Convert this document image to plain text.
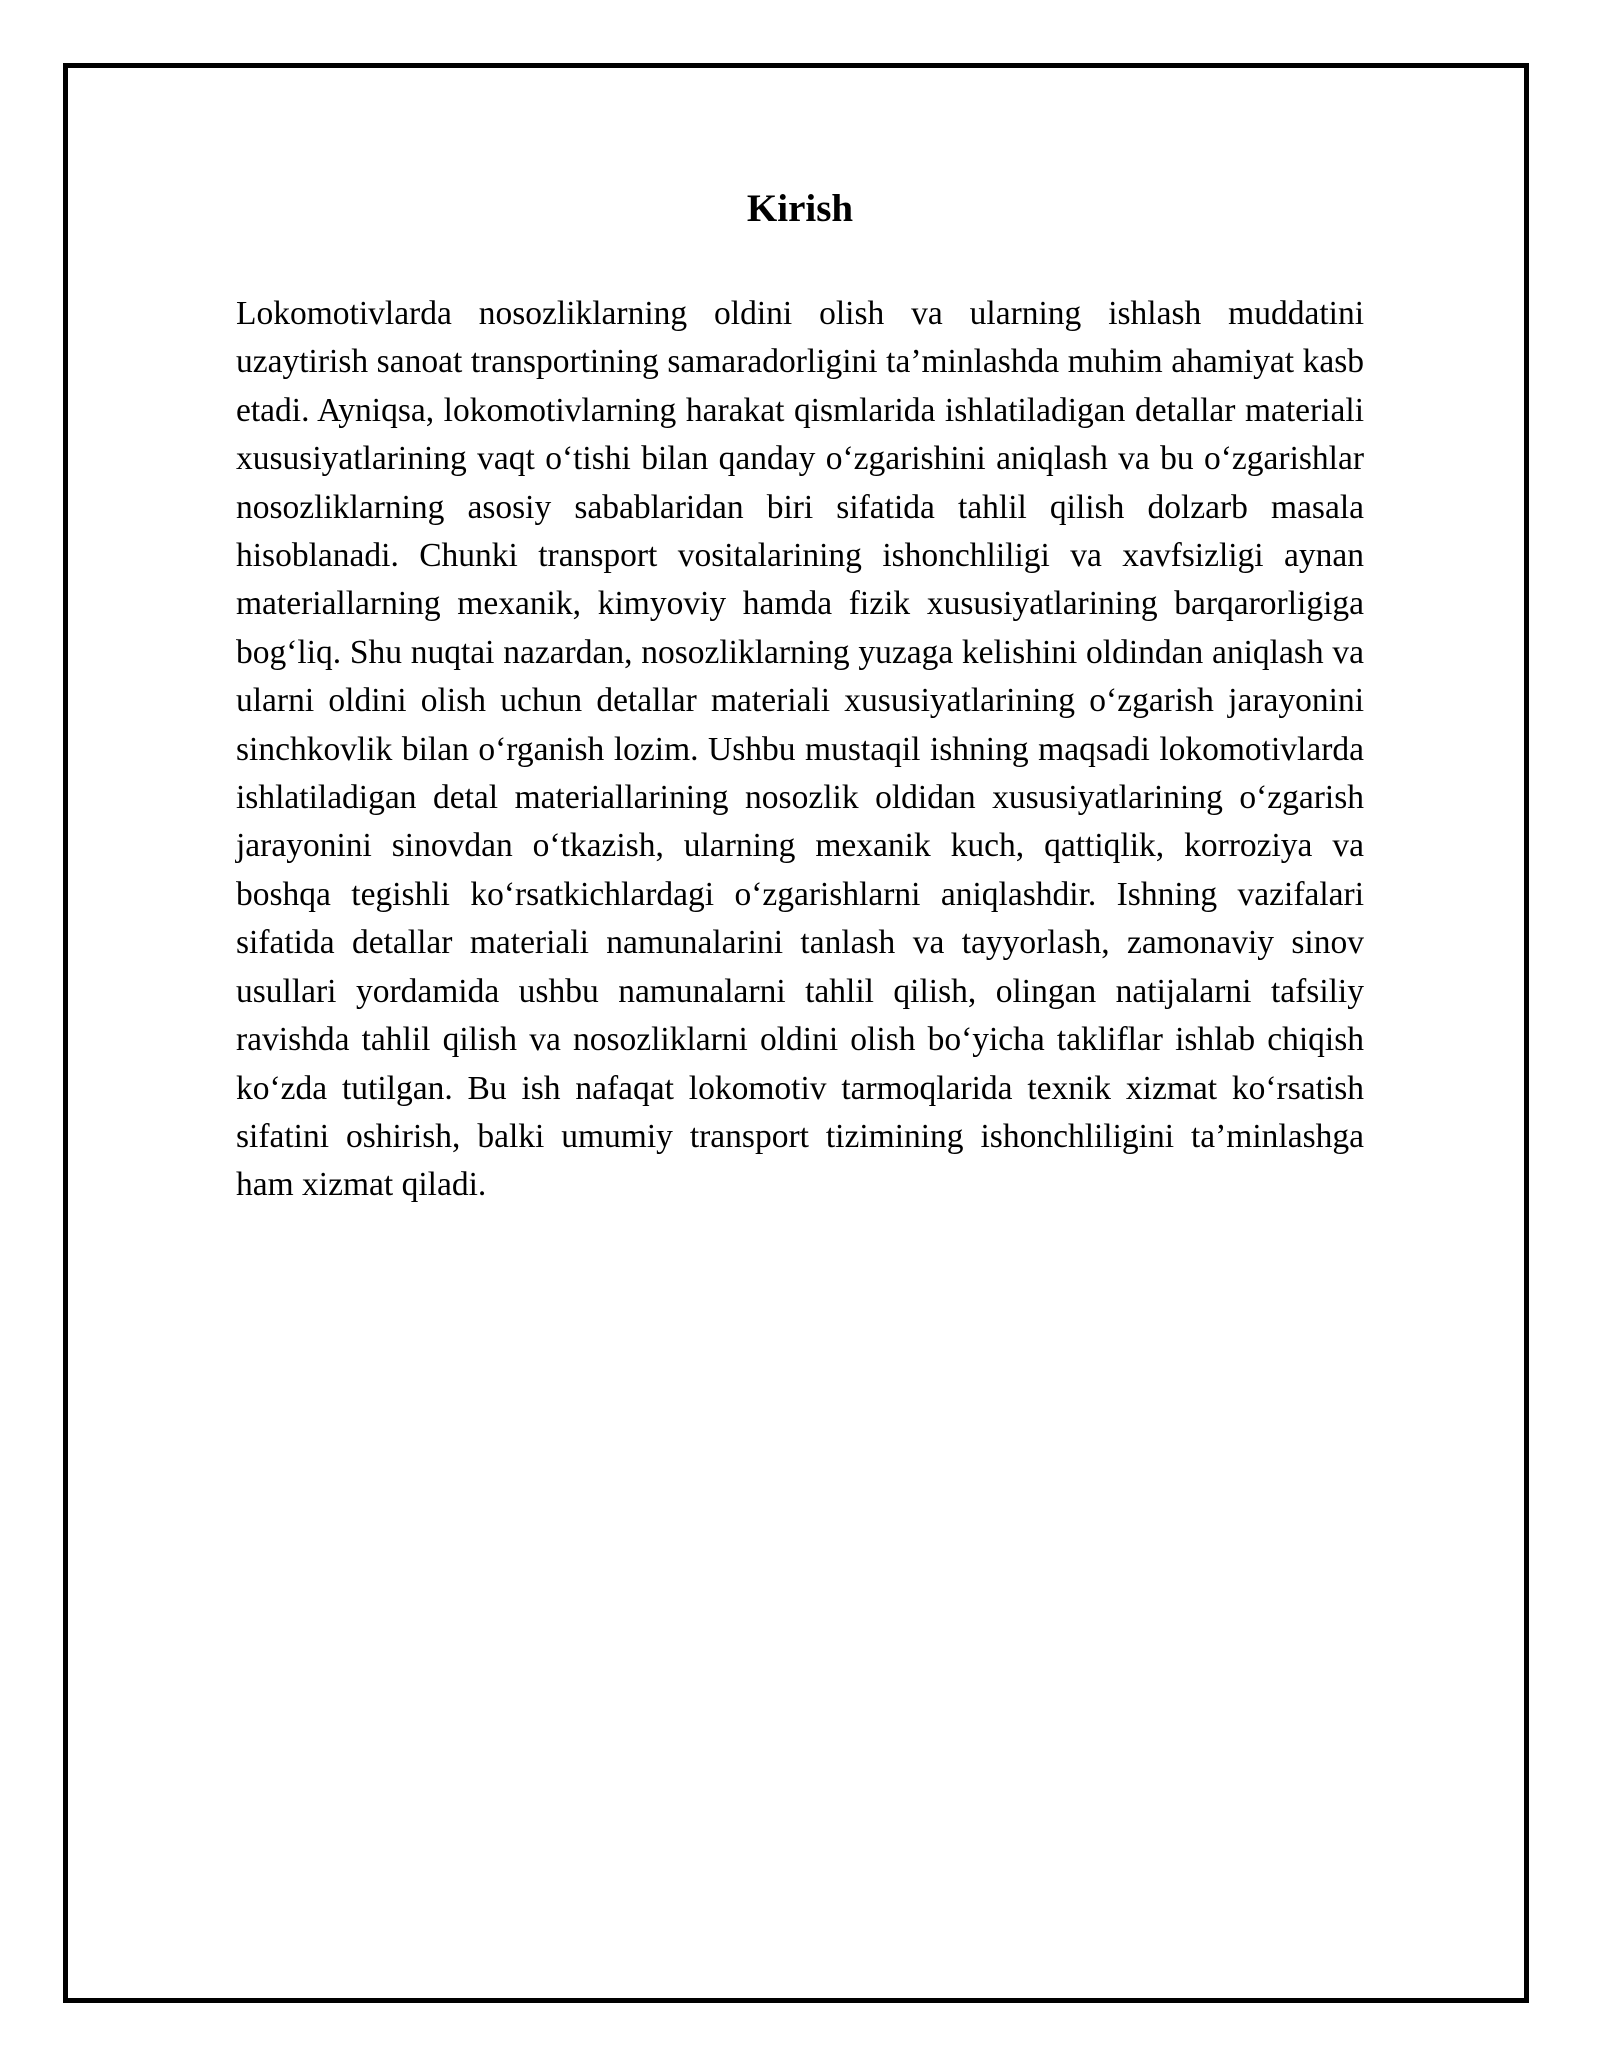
Kirish

Lokomotivlarda nosozliklarning oldini olish va ularning ishlash muddatini uzaytirish sanoat transportining samaradorligini ta’minlashda muhim ahamiyat kasb etadi. Ayniqsa, lokomotivlarning harakat qismlarida ishlatiladigan detallar materiali xususiyatlarining vaqt o‘tishi bilan qanday o‘zgarishini aniqlash va bu o‘zgarishlar nosozliklarning asosiy sabablaridan biri sifatida tahlil qilish dolzarb masala hisoblanadi. Chunki transport vositalarining ishonchliligi va xavfsizligi aynan materiallarning mexanik, kimyoviy hamda fizik xususiyatlarining barqarorligiga bog‘liq. Shu nuqtai nazardan, nosozliklarning yuzaga kelishini oldindan aniqlash va ularni oldini olish uchun detallar materiali xususiyatlarining o‘zgarish jarayonini sinchkovlik bilan o‘rganish lozim. Ushbu mustaqil ishning maqsadi lokomotivlarda ishlatiladigan detal materiallarining nosozlik oldidan xususiyatlarining o‘zgarish jarayonini sinovdan o‘tkazish, ularning mexanik kuch, qattiqlik, korroziya va boshqa tegishli ko‘rsatkichlardagi o‘zgarishlarni aniqlashdir. Ishning vazifalari sifatida detallar materiali namunalarini tanlash va tayyorlash, zamonaviy sinov usullari yordamida ushbu namunalarni tahlil qilish, olingan natijalarni tafsiliy ravishda tahlil qilish va nosozliklarni oldini olish bo‘yicha takliflar ishlab chiqish ko‘zda tutilgan. Bu ish nafaqat lokomotiv tarmoqlarida texnik xizmat ko‘rsatish sifatini oshirish, balki umumiy transport tizimining ishonchliligini ta’minlashga ham xizmat qiladi.
